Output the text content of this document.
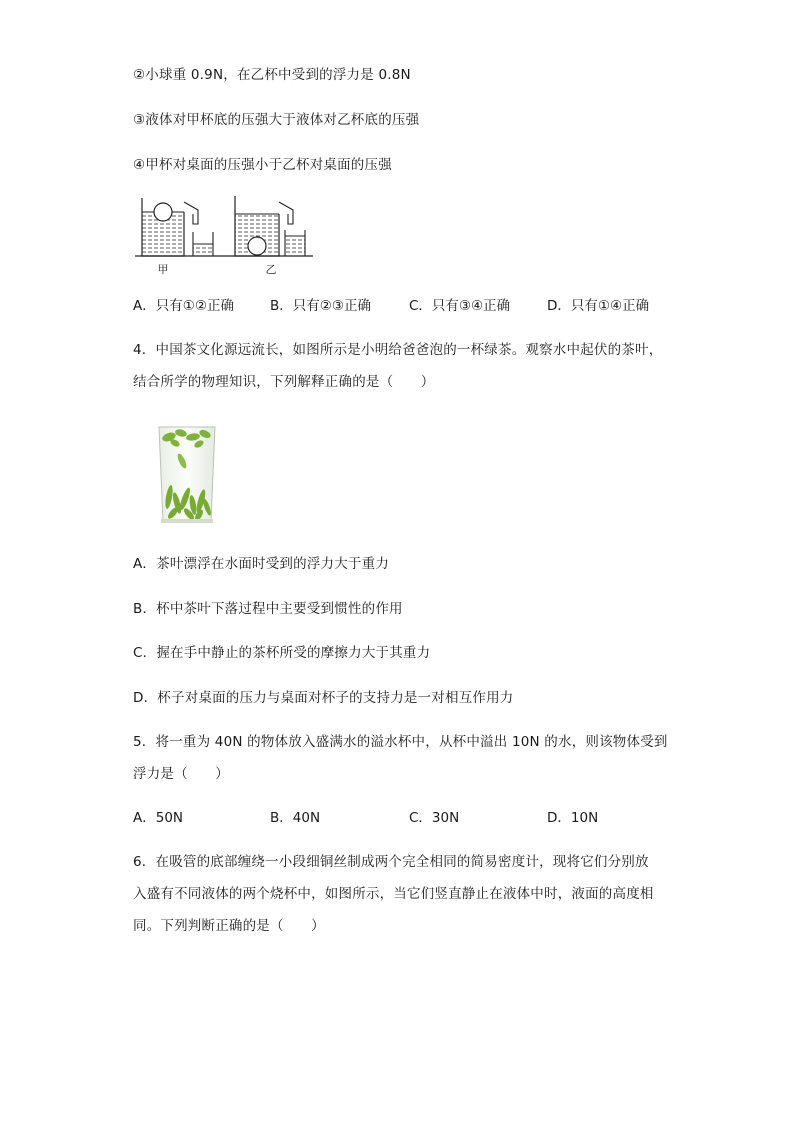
②小球重 0.9N，在乙杯中受到的浮力是 0.8N
③液体对甲杯底的压强大于液体对乙杯底的压强
④甲杯对桌面的压强小于乙杯对桌面的压强
甲	乙
A．只有①②正确	B．只有②③正确	C．只有③④正确	D．只有①④正确
4．中国茶文化源远流长，如图所示是小明给爸爸泡的一杯绿茶。观察水中起伏的茶叶，
结合所学的物理知识，下列解释正确的是（　　）
A．茶叶漂浮在水面时受到的浮力大于重力
B．杯中茶叶下落过程中主要受到惯性的作用
C．握在手中静止的茶杯所受的摩擦力大于其重力
D．杯子对桌面的压力与桌面对杯子的支持力是一对相互作用力
5．将一重为 40N 的物体放入盛满水的溢水杯中，从杯中溢出 10N 的水，则该物体受到
浮力是（　　）
A．50N	B．40N	C．30N	D．10N
6．在吸管的底部缠绕一小段细铜丝制成两个完全相同的简易密度计，现将它们分别放
入盛有不同液体的两个烧杯中，如图所示，当它们竖直静止在液体中时，液面的高度相
同。下列判断正确的是（　　）
